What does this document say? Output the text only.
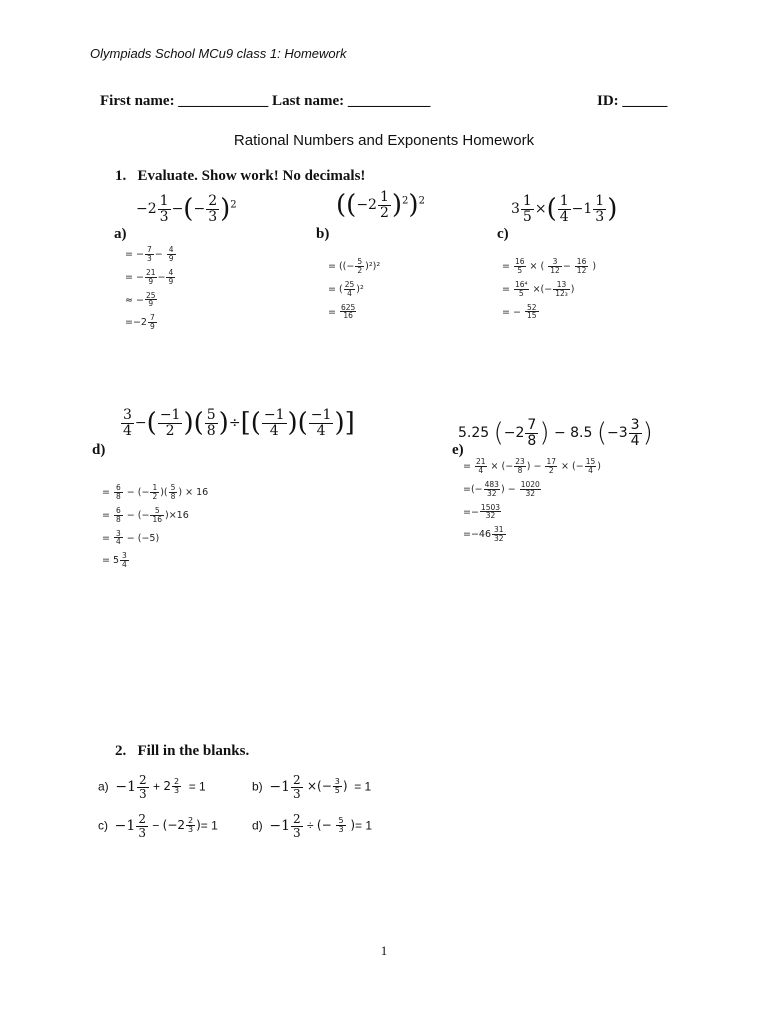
Olympiads School MCu9 class 1: Homework
First name: ____________ Last name: ___________	ID: ______
Rational Numbers and Exponents Homework
1. Evaluate. Show work! No decimals!
a)
$-2 \frac{1}{3}$ −(− $\frac{2}{3} )^2$
= − $\frac{7}{3} - \frac{4}{9}$
= − $\frac{21}{9} - \frac{4}{9}$
≈ − $\frac{25}{9}$
$=-2 \frac{7}{9}$
b)
$((-2 \frac{1}{2} )^2)^2$
= ((− $\frac{5}{2} )^2)^2$
= ( $\frac{25}{4} )^2$
= $\frac{625}{16}$
c)
$3 \frac{1}{5}$ ×( $\frac{1}{4} -1 \frac{1}{3}$ )
= $\frac{16}{5}$ × ( $\frac{3}{12} - \frac{16}{12}$ )
= $\frac{\text{16⁴}}{5}$ ×(− $\frac{13}{\text{12₃}}$ )
= − $\frac{52}{15}$
d)
$\frac{3}{4}$ −( $\frac{-1}{2}$ )( $\frac{5}{8}$ )÷[( $\frac{-1}{4}$ )( $\frac{-1}{4}$ )]
= $\frac{6}{8}$ − (− $\frac{1}{2}$ )( $\frac{5}{8}$ ) × 16
= $\frac{6}{8}$ − (− $\frac{5}{16} )\times 16$
= $\frac{3}{4} - (-5)$
= $5 \frac{3}{4}$
e)
5.25 ($-2 \frac{7}{8}$ ) − 8.5 ($-3 \frac{3}{4}$ )
= $\frac{21}{4}$ × (− $\frac{23}{8}$ ) − $\frac{17}{2}$ × (− $\frac{15}{4}$ )
=(− $\frac{483}{32}$ ) − $\frac{1020}{32}$
=− $\frac{1503}{32}$
$=-46 \frac{31}{32}$
2. Fill in the blanks.
$a) -1 \frac{2}{3} + 2 \frac{2}{3} = 1$	$b) -1 \frac{2}{3}$ ×(− $\frac{3}{5}$ )  = 1
$c) -1 \frac{2}{3} - (-2 \frac{2}{3}$ )= 1	$d) -1 \frac{2}{3}$ ÷ (− $\frac{5}{3}$ )= 1
1
